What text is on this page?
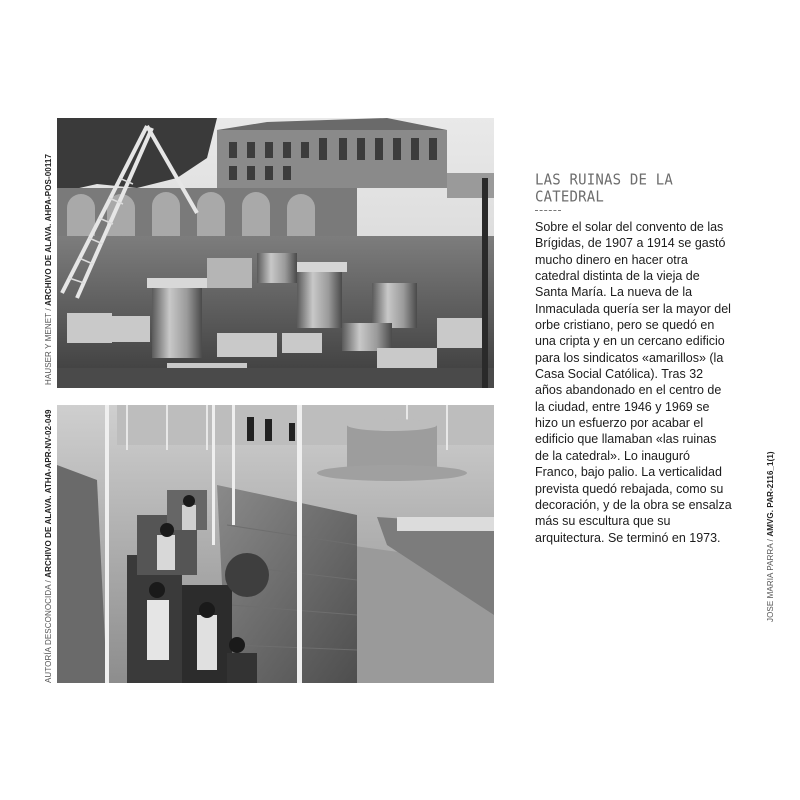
HAUSER Y MENET / ARCHIVO DE ALAVA. AHPA-POS-00117
AUTORÍA DESCONOCIDA / ARCHIVO DE ALAVA. ATHA-APR-NV-02-049
JOSE MARIA PARRA / AMVG. PAR-2116_1(1)
LAS RUINAS DE LA CATEDRAL
Sobre el solar del convento de las Brígidas, de 1907 a 1914 se gastó mucho dinero en hacer otra catedral distinta de la vieja de Santa María. La nueva de la Inmaculada quería ser la mayor del orbe cristiano, pero se quedó en una cripta y en un cercano edificio para los sindicatos «amarillos» (la Casa Social Católica). Tras 32 años abandonado en el centro de la ciudad, entre 1946 y 1969 se hizo un esfuerzo por acabar el edificio que llamaban «las ruinas de la catedral». Lo inauguró Franco, bajo palio. La verticalidad prevista quedó rebajada, como su decoración, y de la obra se ensalza más su escultura que su arquitectura. Se terminó en 1973.
